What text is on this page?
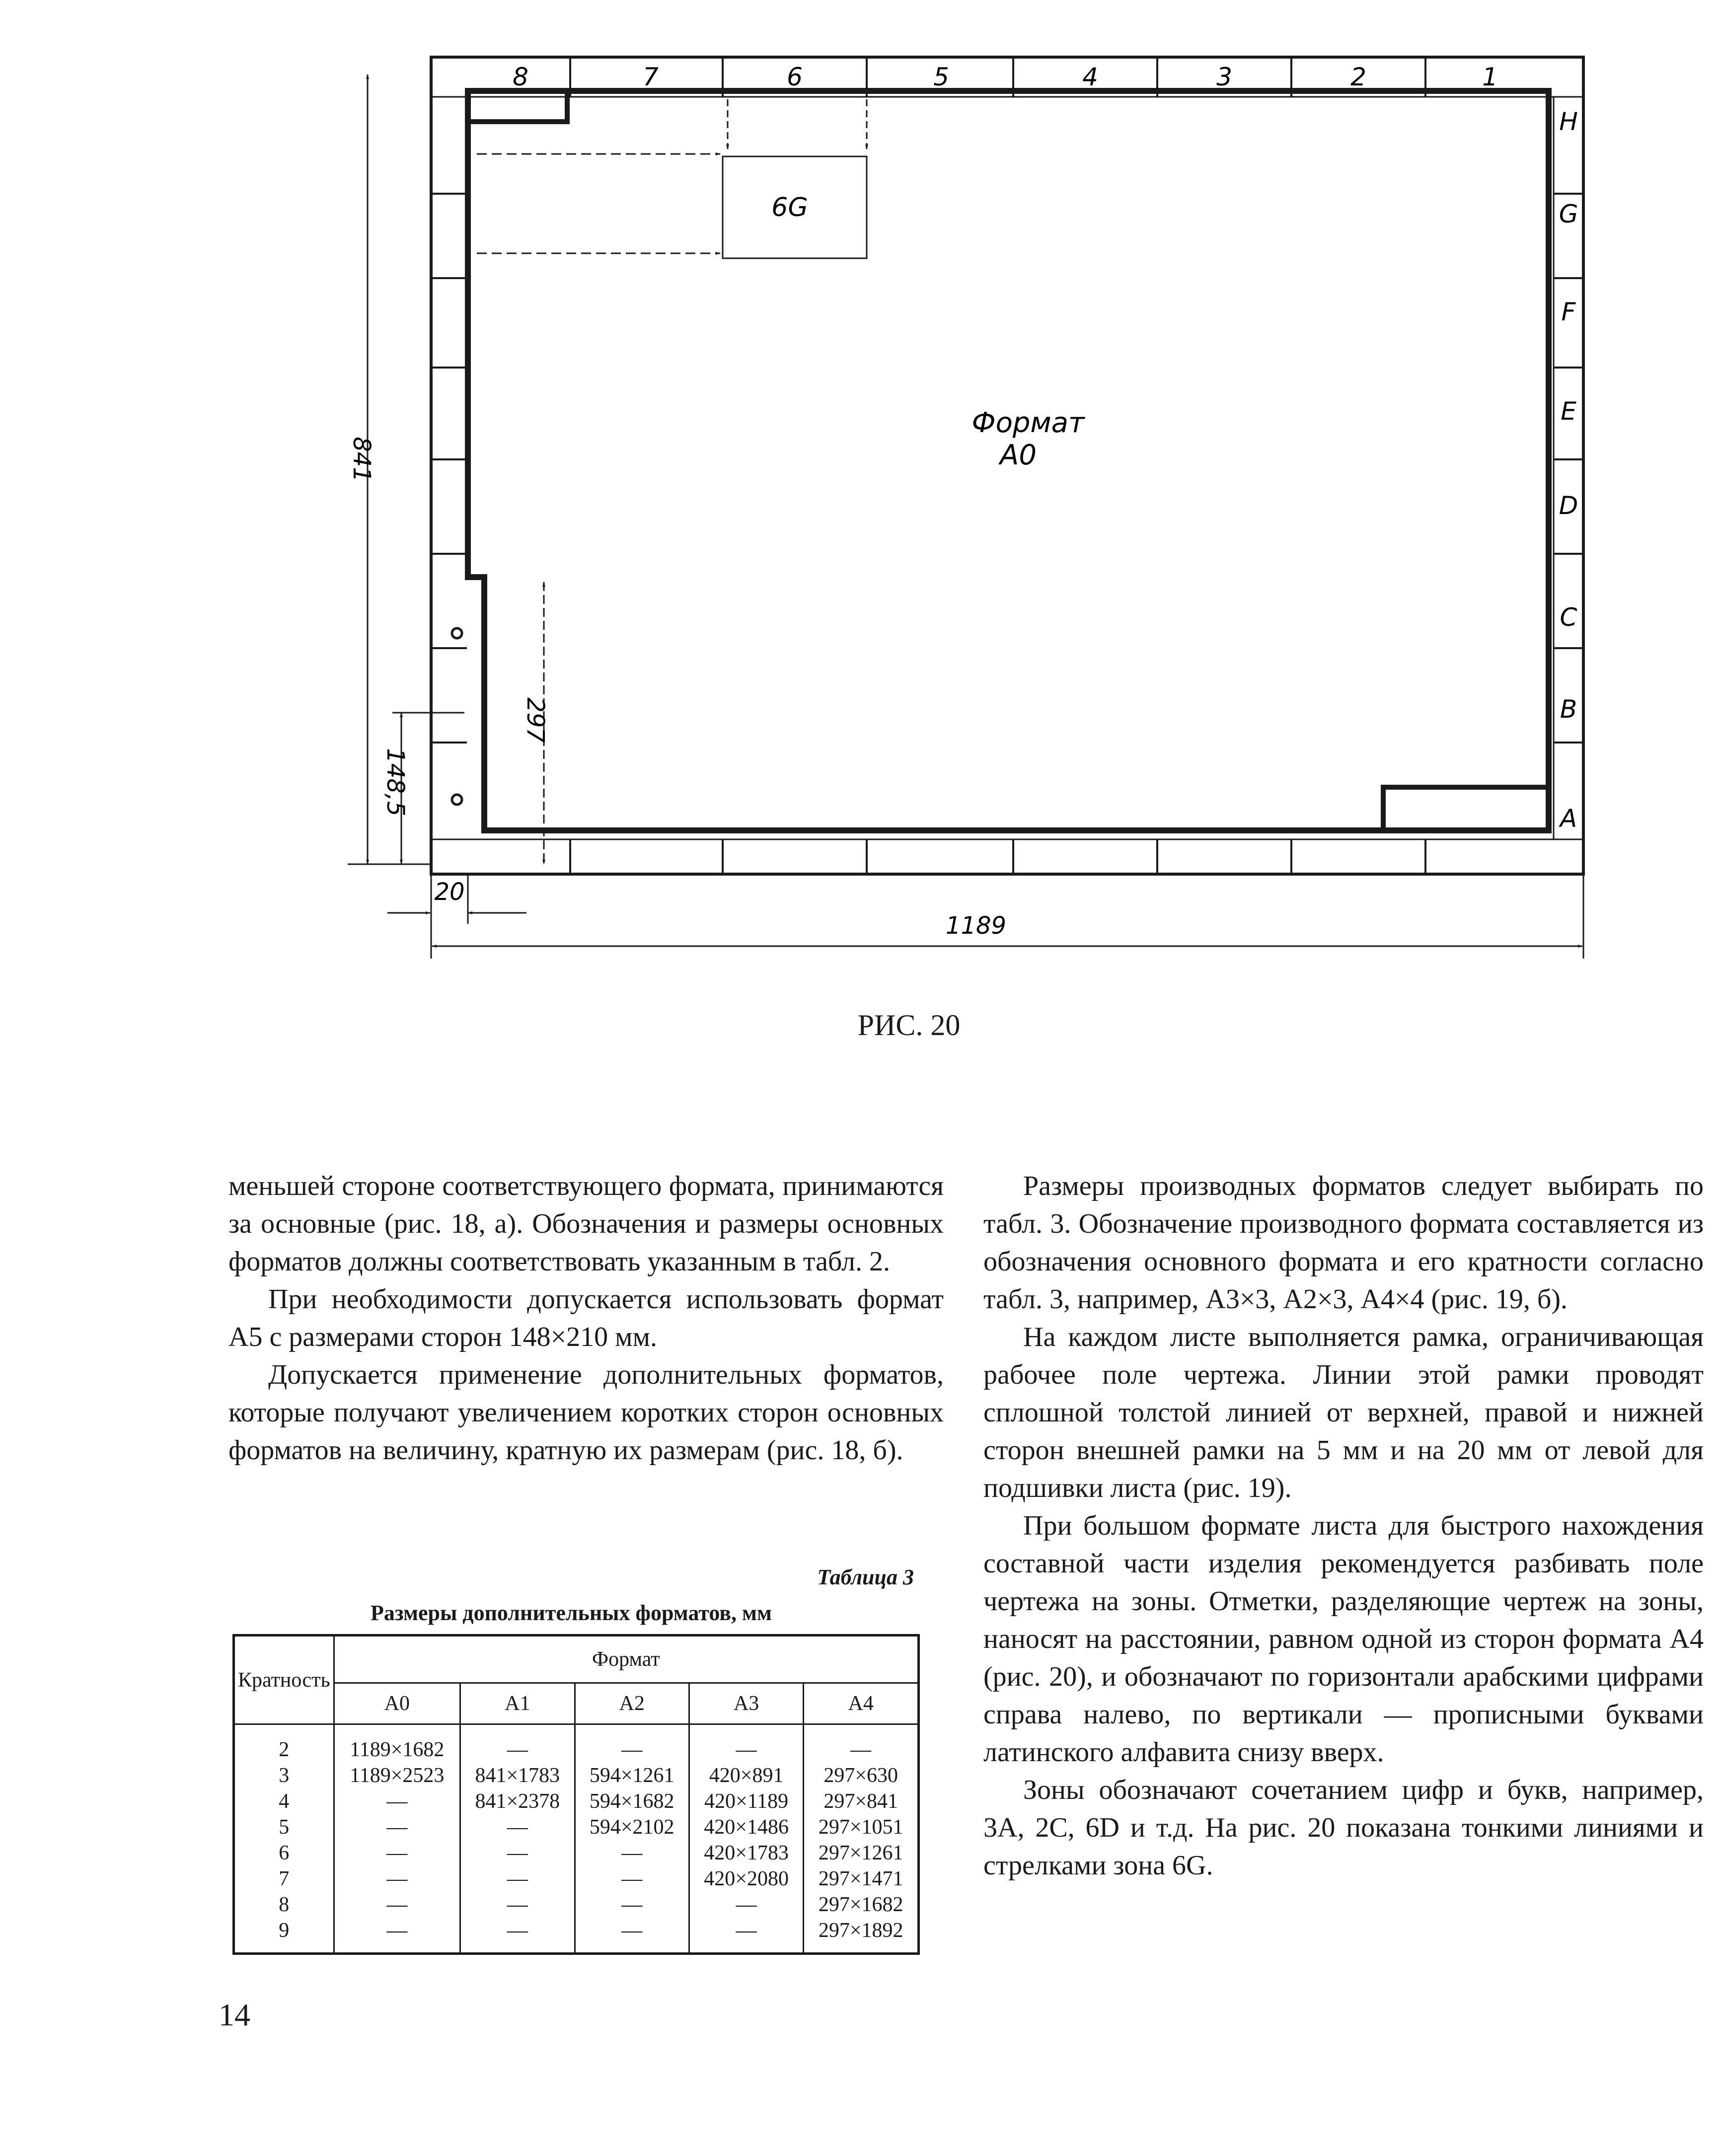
8	7	6	5	4	3	2	1
H
G
F
E
D
C
B
A
6G
Формат
A0
841
297
148,5
20
1189
РИС. 20

меньшей стороне соответствующего формата, принимаются за основные (рис. 18, а). Обозначения и размеры основных форматов должны соответствовать указанным в табл. 2.

При необходимости допускается использовать формат А5 с размерами сторон 148×210 мм.

Допускается применение дополнительных форматов, которые получают увеличением коротких сторон основных форматов на величину, кратную их размерам (рис. 18, б).

Таблица 3
Размеры дополнительных форматов, мм
Кратность	Формат				
	А0	А1	А2	А3	А4
2	1189×1682	—	—	—	—
3	1189×2523	841×1783	594×1261	420×891	297×630
4	—	841×2378	594×1682	420×1189	297×841
5	—	—	594×2102	420×1486	297×1051
6	—	—	—	420×1783	297×1261
7	—	—	—	420×2080	297×1471
8	—	—	—	—	297×1682
9	—	—	—	—	297×1892

Размеры производных форматов следует выбирать по табл. 3. Обозначение производного формата составляется из обозначения основного формата и его кратности согласно табл. 3, например, А3×3, А2×3, А4×4 (рис. 19, б).

На каждом листе выполняется рамка, ограничивающая рабочее поле чертежа. Линии этой рамки проводят сплошной толстой линией от верхней, правой и нижней сторон внешней рамки на 5 мм и на 20 мм от левой для подшивки листа (рис. 19).

При большом формате листа для быстрого нахождения составной части изделия рекомендуется разбивать поле чертежа на зоны. Отметки, разделяющие чертеж на зоны, наносят на расстоянии, равном одной из сторон формата А4 (рис. 20), и обозначают по горизонтали арабскими цифрами справа налево, по вертикали — прописными буквами латинского алфавита снизу вверх.

Зоны обозначают сочетанием цифр и букв, например, 3А, 2С, 6D и т.д. На рис. 20 показана тонкими линиями и стрелками зона 6G.

14
